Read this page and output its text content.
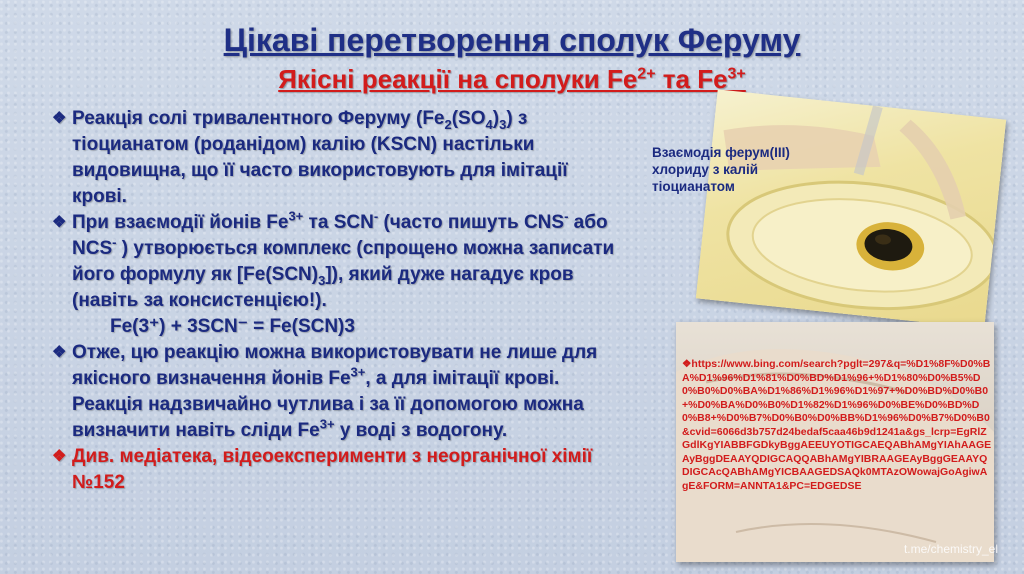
Цікаві перетворення сполук Феруму
Якісні реакції на сполуки $Fe^{2+}$ та $Fe^{3+}$
❖ Реакція солі тривалентного Феруму $(Fe_2(SO_4)_3)$ з тіоцианатом (роданідом) калію (KSCN) настільки видовищна, що її часто використовують для імітації крові.
❖ При взаємодії йонів $Fe^{3+}$ та SCN- (часто пишуть CNS- або NCS- ) утворюється комплекс (спрощено можна записати його формулу як $[Fe(SCN)_3]$), який дуже нагадує кров (навіть за консистенцією!).
Fe(3⁺) + 3SCN⁻ = Fe(SCN)3
❖ Отже, цю реакцію можна використовувати не лише для якісного визначення йонів $Fe^{3+}$, а для імітації крові. Реакція надзвичайно чутлива і за її допомогою можна визначити навіть сліди $Fe^{3+}$ у воді з водогону.
❖ Див. медіатека, відеоексперименти з неорганічної хімії №152
Взаємодія ферум(ІІІ) хлориду з калій тіоцианатом
❖https://www.bing.com/search?pglt=297&q=%D1%8F%D0%BA%D1%96%D1%81%D0%BD%D1%96+%D1%80%D0%B5%D0%B0%D0%BA%D1%86%D1%96%D1%97+%D0%BD%D0%B0+%D0%BA%D0%B0%D1%82%D1%96%D0%BE%D0%BD%D0%B8+%D0%B7%D0%B0%D0%BB%D1%96%D0%B7%D0%B0&cvid=6066d3b757d24bedaf5caa46b9d1241a&gs_lcrp=EgRlZGdlKgYIABBFGDkyBggAEEUYOTIGCAEQABhAMgYIAhAAGEAyBggDEAAYQDIGCAQQABhAMgYIBRAAGEAyBggGEAAYQDIGCAcQABhAMgYICBAAGEDSAQk0MTAzOWowajGoAgiwAgE&FORM=ANNTA1&PC=EDGEDSE
t.me/chemistry_el
